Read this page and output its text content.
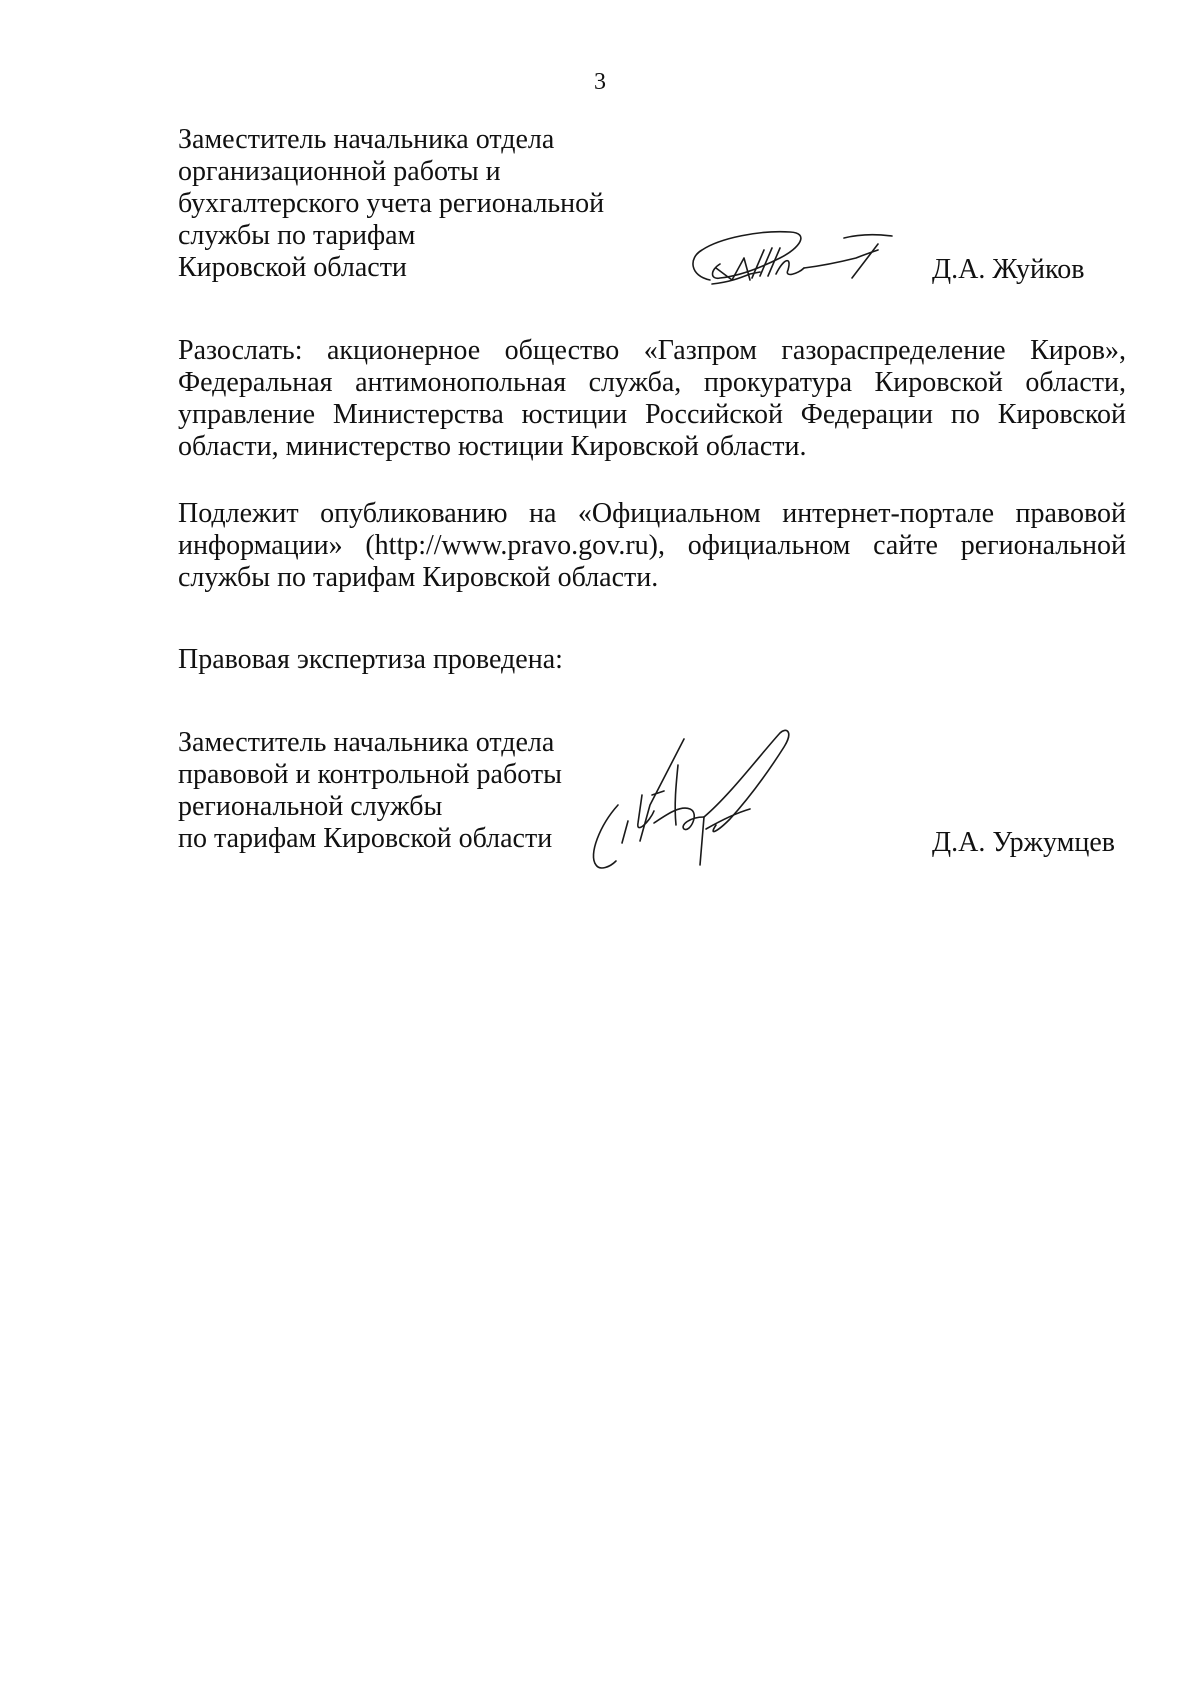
3
Заместитель начальника отдела
организационной работы и
бухгалтерского учета региональной
службы по тарифам
Кировской области	Д.А. Жуйков

Разослать: акционерное общество «Газпром газораспределение Киров», Федеральная антимонопольная служба, прокуратура Кировской области, управление Министерства юстиции Российской Федерации по Кировской области, министерство юстиции Кировской области.

Подлежит опубликованию на «Официальном интернет-портале правовой информации» (http://www.pravo.gov.ru), официальном сайте региональной службы по тарифам Кировской области.

Правовая экспертиза проведена:
Заместитель начальника отдела
правовой и контрольной работы
региональной службы
по тарифам Кировской области	Д.А. Уржумцев
